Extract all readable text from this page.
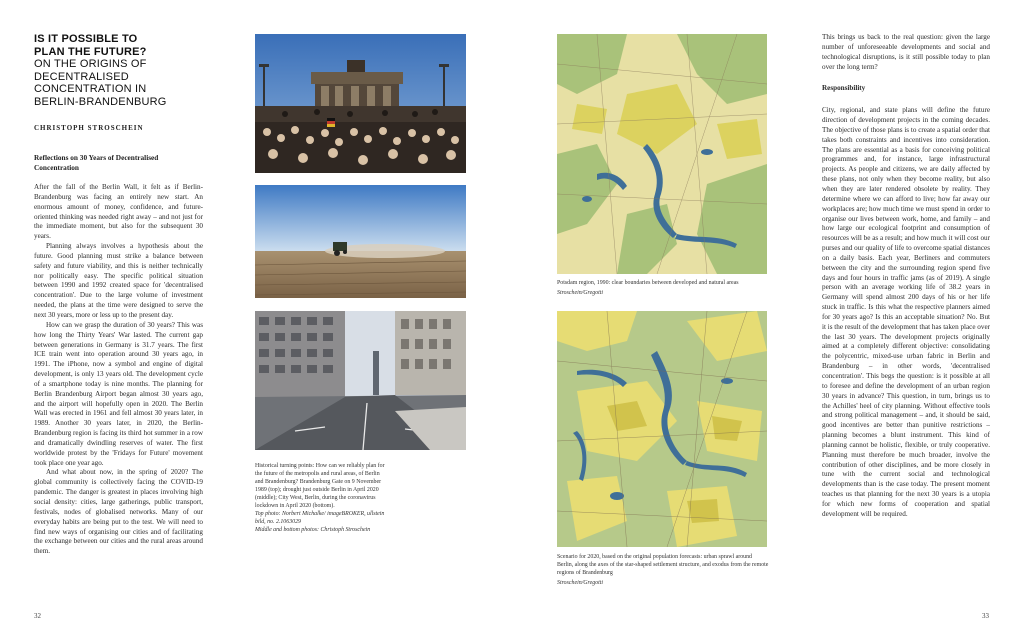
IS IT POSSIBLE TO
PLAN THE FUTURE?
ON THE ORIGINS OF
DECENTRALISED
CONCENTRATION IN
BERLIN-BRANDENBURG
CHRISTOPH STROSCHEIN
Reflections on 30 Years of Decentralised Concentration

After the fall of the Berlin Wall, it felt as if Berlin-Brandenburg was facing an entirely new start. An enormous amount of money, confidence, and future-oriented thinking was needed right away – and not just for the immediate moment, but also for the subsequent 30 years.

Planning always involves a hypothesis about the future. Good planning must strike a balance between safety and future viability, and this is neither technically nor politically easy. The specific political situation between 1990 and 1992 created space for 'decentralised concentration'. Due to the large volume of investment needed, the plans at the time were designed to serve the next 30 years, more or less up to the present day.

How can we grasp the duration of 30 years? This was how long the Thirty Years' War lasted. The current gap between generations in Germany is 31.7 years. The first ICE train went into operation around 30 years ago, in 1991. The iPhone, now a symbol and engine of digital development, is only 13 years old. The development cycle of a smartphone today is nine months. The planning for Berlin Brandenburg Airport began almost 30 years ago, and the airport will hopefully open in 2020. The Berlin Wall was erected in 1961 and fell almost 30 years later, in 1989. Another 30 years later, in 2020, the Berlin-Brandenburg region is facing its third hot summer in a row and dramatically dwindling reserves of water. The first worldwide protest by the 'Fridays for Future' movement took place one year ago.

And what about now, in the spring of 2020? The global community is collectively facing the COVID-19 pandemic. The danger is greatest in places involving high social density: cities, large gatherings, public transport, festivals, nodes of globalised networks. Many of our everyday habits are being put to the test. We will need to find new ways of organising our cities and of facilitating the exchange between our cities and the rural areas around them.

Historical turning points: How can we reliably plan for the future of the metropolis and rural areas, of Berlin and Brandenburg? Brandenburg Gate on 9 November 1989 (top); drought just outside Berlin in April 2020 (middle); City West, Berlin, during the coronavirus lockdown in April 2020 (bottom).

Top photo: Norbert Michalke/ imageBROKER, ullstein bild, no. 2.1063029

Middle and bottom photos: Christoph Stroschein

32

Potsdam region, 1990: clear boundaries between developed and natural areas

Stroschein/Gregotti

Scenario for 2020, based on the original population forecasts: urban sprawl around Berlin, along the axes of the star-shaped settlement structure, and exodus from the remote regions of Brandenburg

Stroschein/Gregotti

This brings us back to the real question: given the large number of unforeseeable developments and social and technological disruptions, is it still possible today to plan over the long term?

Responsibility

City, regional, and state plans will define the future direction of development projects in the coming decades. The objective of those plans is to create a spatial order that takes both constraints and incentives into consideration. The plans are essential as a basis for conceiving political programmes and, for instance, large infrastructural projects. As people and citizens, we are daily affected by these plans, not only when they become reality, but also when they are later rendered obsolete by reality. They determine where we can afford to live; how far away our workplaces are; how much time we must spend in order to organise our lives between work, home, and family – and how large our ecological footprint and consumption of resources will be as a result; and how much it will cost our purses and our quality of life to overcome spatial distances on a daily basis. Each year, Berliners and commuters between the city and the surrounding region spend five days and four hours in traffic jams (as of 2019). A single person with an average working life of 38.2 years in Germany will spend almost 200 days of his or her life stuck in traffic. Is this what the respective planners aimed for 30 years ago? Is this an acceptable situation? No. But it is the result of the development that has taken place over the last 30 years. The development projects originally aimed at a completely different objective: consolidating the polycentric, mixed-use urban fabric in Berlin and Brandenburg – in other words, 'decentralised concentration'. This begs the question: is it possible at all to foresee and define the development of an urban region 30 years in advance? This question, in turn, brings us to the Achilles' heel of city planning. Without effective tools and strong political management – and, it should be said, good incentives are better than punitive restrictions – planning becomes a blunt instrument. This kind of planning cannot be holistic, flexible, or truly cooperative. Planning must therefore be much broader, involve the contribution of other disciplines, and be more closely in tune with the current social and technological developments than is the case today. The present moment teaches us that planning for the next 30 years is a utopia for which new forms of cooperation and spatial development will be required.

33
